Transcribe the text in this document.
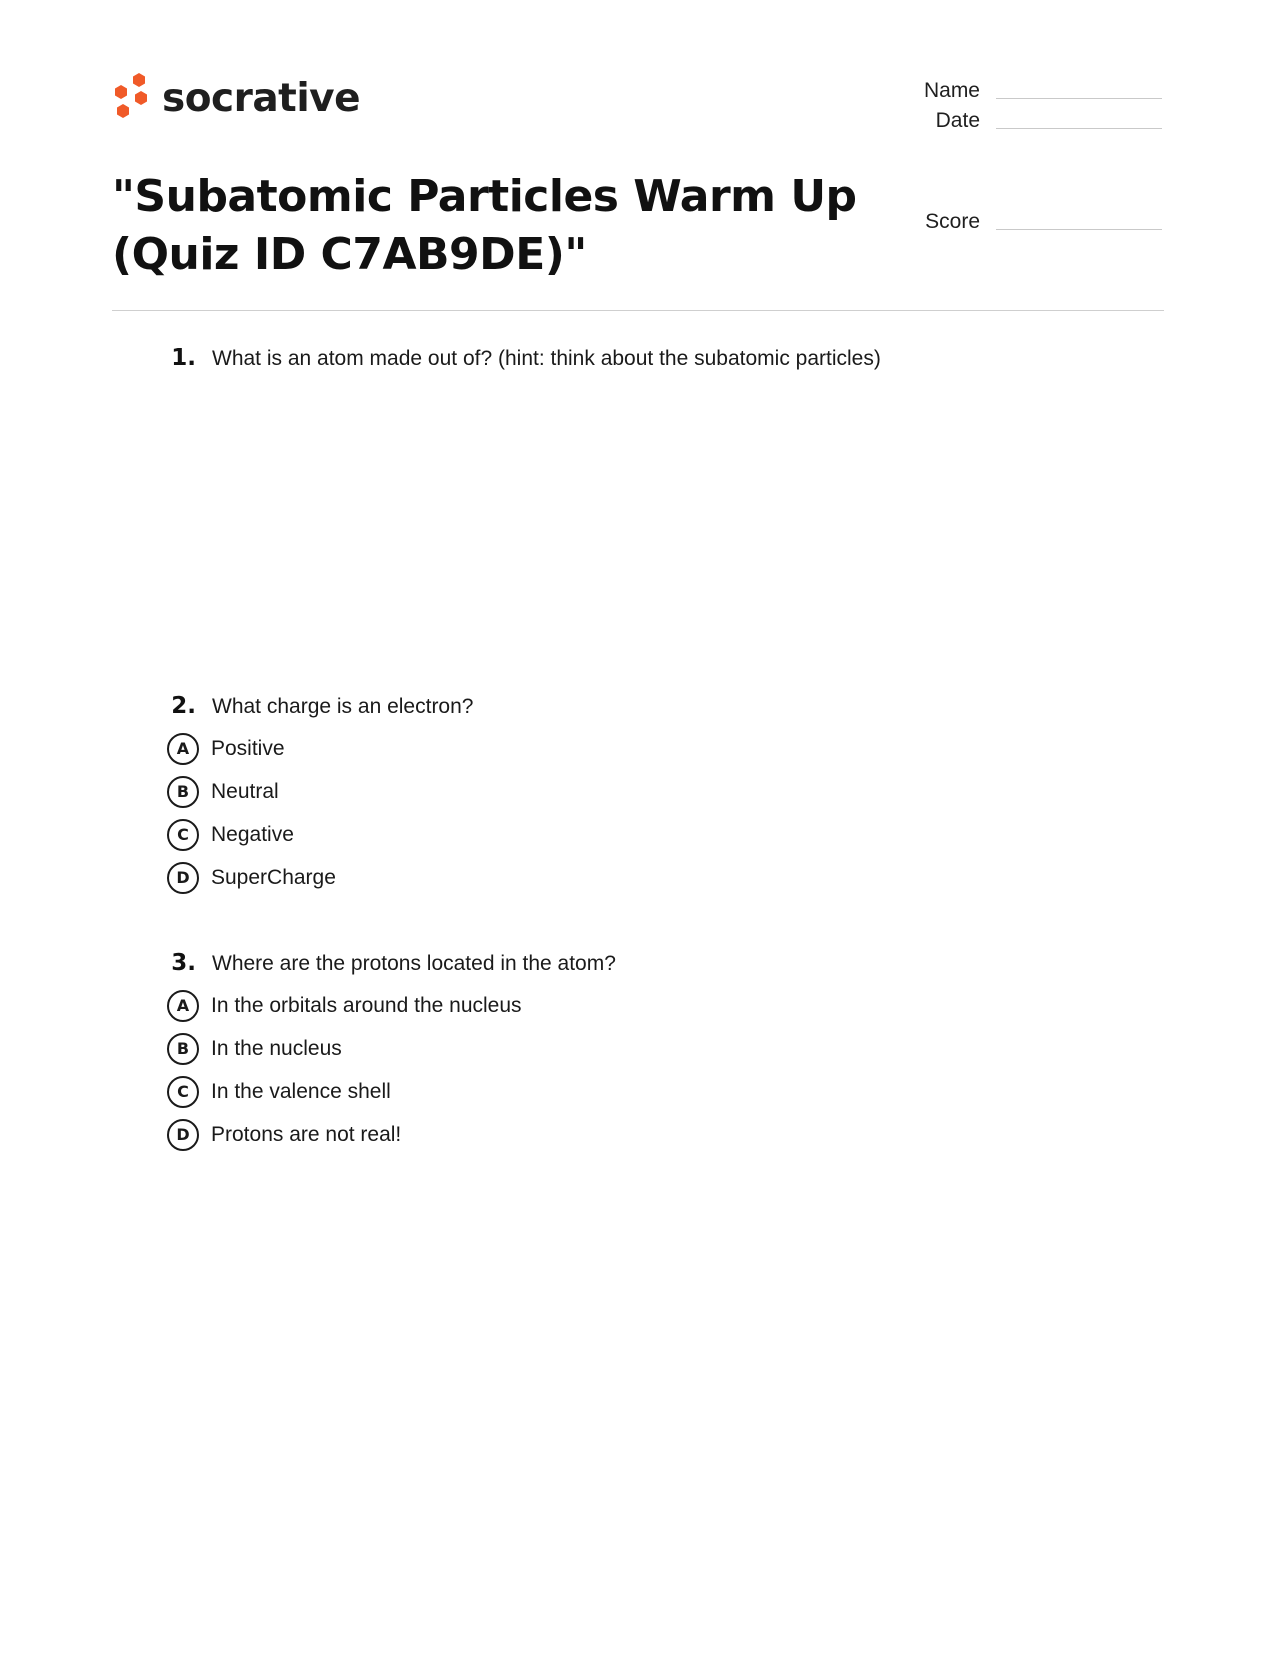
socrative	Name
Date
Score
"Subatomic Particles Warm Up (Quiz ID C7AB9DE)"
1. What is an atom made out of? (hint: think about the subatomic particles)
2. What charge is an electron?
A	Positive
B	Neutral
C	Negative
D	SuperCharge
3. Where are the protons located in the atom?
A	In the orbitals around the nucleus
B	In the nucleus
C	In the valence shell
D	Protons are not real!
